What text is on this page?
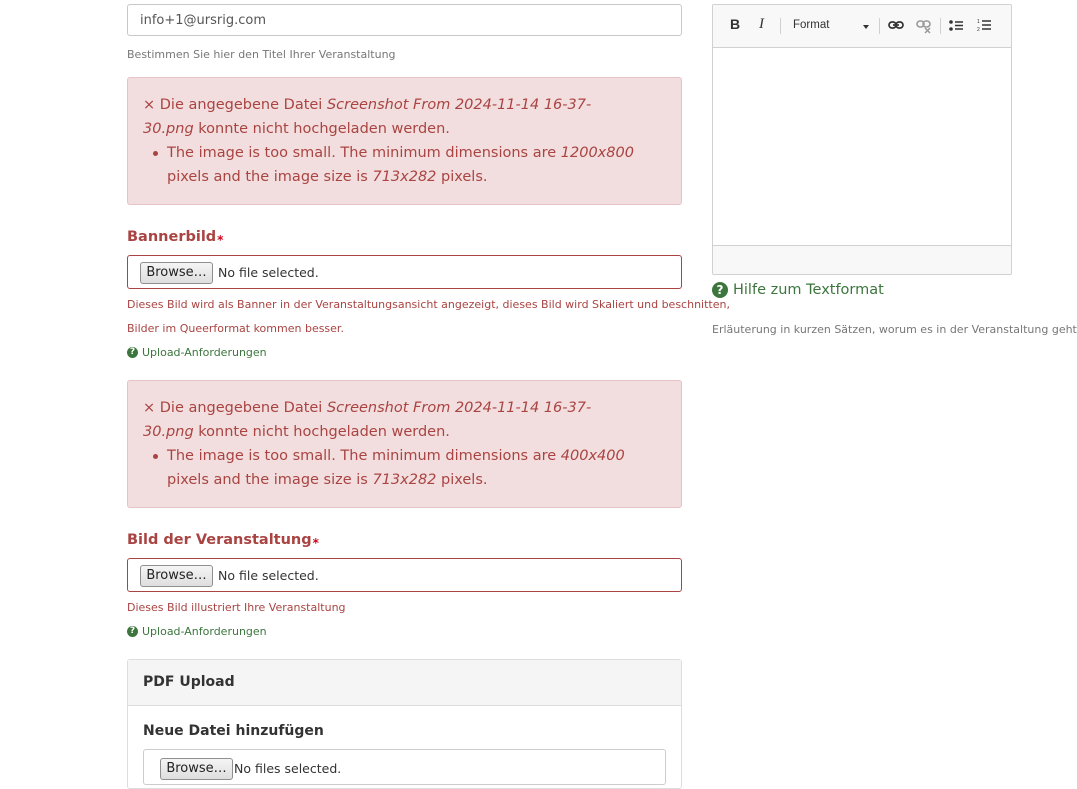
info+1@ursrig.com
Bestimmen Sie hier den Titel Ihrer Veranstaltung
× Die angegebene Datei Screenshot From 2024-11-14 16-37-30.png konnte nicht hochgeladen werden.
The image is too small. The minimum dimensions are 1200x800 pixels and the image size is 713x282 pixels.
Bannerbild$_*$
Browse… No file selected.
Dieses Bild wird als Banner in der Veranstaltungsansicht angezeigt, dieses Bild wird Skaliert und beschnitten,
Bilder im Queerformat kommen besser.
? Upload-Anforderungen
× Die angegebene Datei Screenshot From 2024-11-14 16-37-30.png konnte nicht hochgeladen werden.
The image is too small. The minimum dimensions are 400x400 pixels and the image size is 713x282 pixels.
Bild der Veranstaltung$_*$
Browse… No file selected.
Dieses Bild illustriert Ihre Veranstaltung
? Upload-Anforderungen
PDF Upload
Neue Datei hinzufügen
Browse… No files selected.
B I	Format	1
2
? Hilfe zum Textformat
Erläuterung in kurzen Sätzen, worum es in der Veranstaltung geht
